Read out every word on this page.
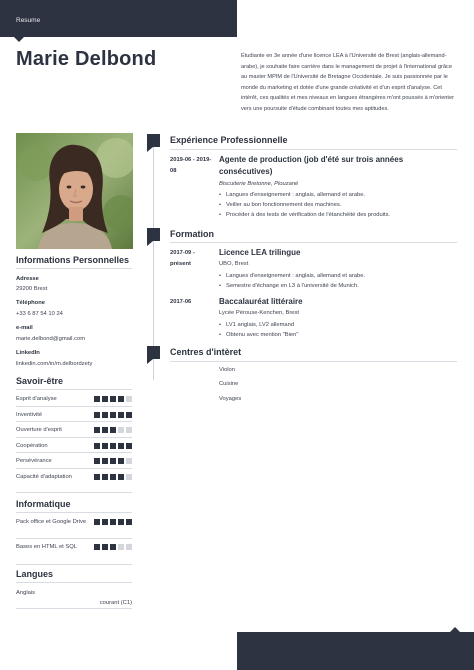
Resume
Marie Delbond	Étudiante en 3e année d'une licence LEA à l'Université de Brest (anglais-allemand-arabe), je souhaite faire carrière dans le management de projet à l'international grâce au master MPIM de l'Université de Bretagne Occidentale. Je suis passionnée par le monde du marketing et dotée d'une grande créativité et d'un esprit d'analyse. Cet intérêt, ces qualités et mes niveaux en langues étrangères m'ont poussés à m'orienter vers une poursuite d'étude combinant toutes mes aptitudes.
Informations Personnelles
Adresse
29200 Brest
Téléphone
+33 6 87 54 10 24
e-mail
marie.delbond@gmail.com
LinkedIn
linkedin.com/in/m.delbordzety
Savoir-être
Esprit d'analyse
Inventivité
Ouverture d'esprit
Coopération
Persévérance
Capacité d'adaptation
Informatique
Pack office et Google Drive
Bases en HTML et SQL
Langues
Anglais
courant (C1)
Expérience Professionnelle
2019-06 - 2019-08
Agente de production (job d'été sur trois années consécutives)
Biscuiterie Bretonne, Plouzané
• Langues d'enseignement : anglais, allemand et arabe.
• Veiller au bon fonctionnement des machines.
• Procéder à des tests de vérification de l'étanchéité des produits.
Formation
2017-09 - présent
Licence LEA trilingue
UBO, Brest
• Langues d'enseignement : anglais, allemand et arabe.
• Semestre d'échange en L3 à l'université de Munich.
2017-06	Baccalauréat littéraire
Lycée Pérouse-Kenchen, Brest
• LV1 anglais, LV2 allemand
• Obtenu avec mention "Bien"
Centres d'intèret
Violon
Cuisine
Voyages
